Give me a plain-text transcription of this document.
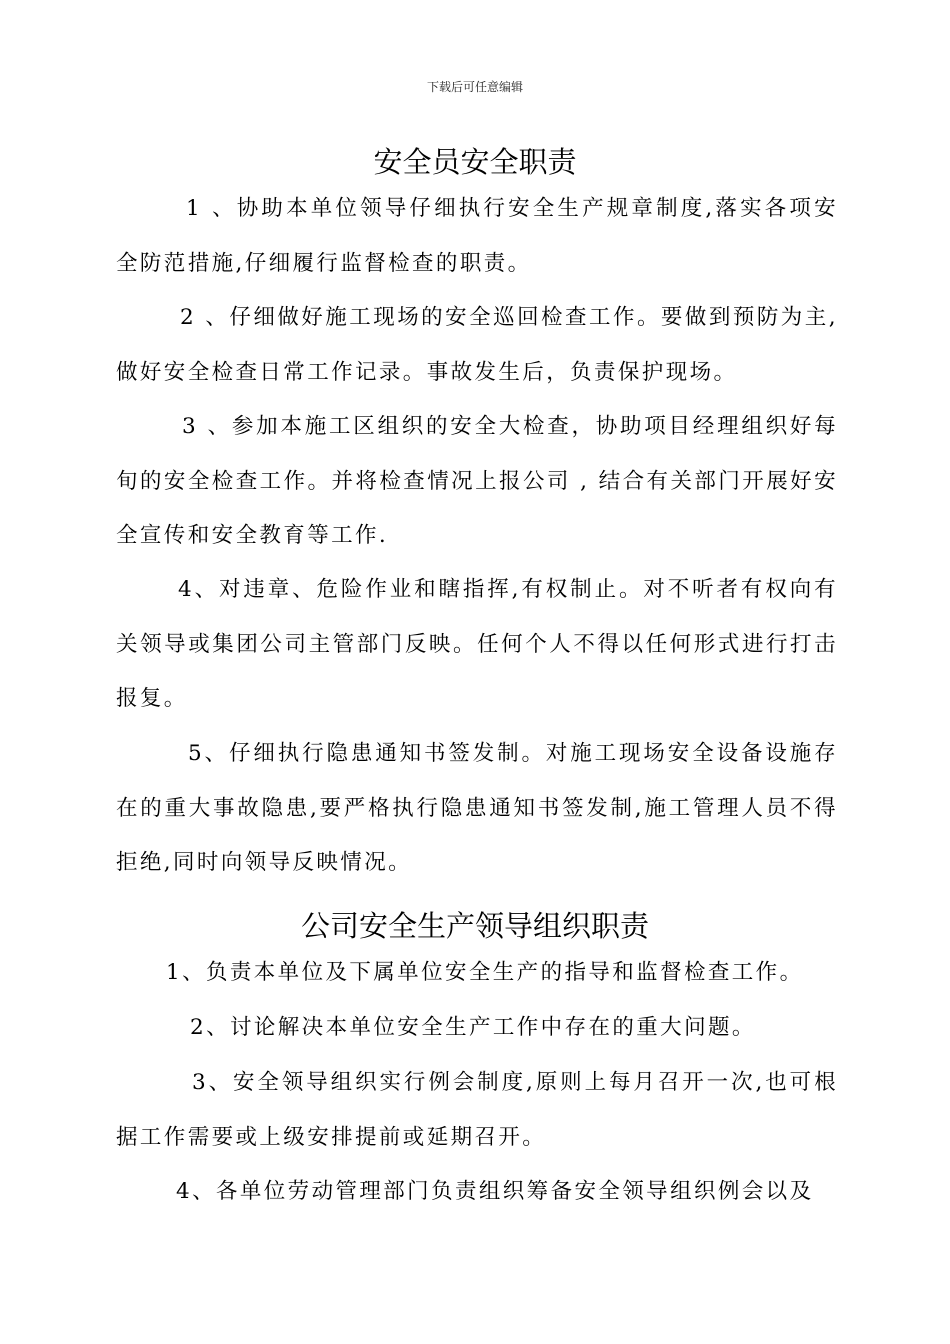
下载后可任意编辑
安全员安全职责

1 、协助本单位领导仔细执行安全生产规章制度,落实各项安全防范措施,仔细履行监督检查的职责。

2 、仔细做好施工现场的安全巡回检查工作。要做到预防为主,做好安全检查日常工作记录。事故发生后，负责保护现场。

3 、参加本施工区组织的安全大检查，协助项目经理组织好每旬的安全检查工作。并将检查情况上报公司 , 结合有关部门开展好安全宣传和安全教育等工作.

4、对违章、危险作业和瞎指挥,有权制止。对不听者有权向有关领导或集团公司主管部门反映。任何个人不得以任何形式进行打击报复。

5、仔细执行隐患通知书签发制。对施工现场安全设备设施存在的重大事故隐患,要严格执行隐患通知书签发制,施工管理人员不得拒绝,同时向领导反映情况。

公司安全生产领导组织职责

1、负责本单位及下属单位安全生产的指导和监督检查工作。

2、讨论解决本单位安全生产工作中存在的重大问题。

3、安全领导组织实行例会制度,原则上每月召开一次,也可根据工作需要或上级安排提前或延期召开。

4、各单位劳动管理部门负责组织筹备安全领导组织例会以及
